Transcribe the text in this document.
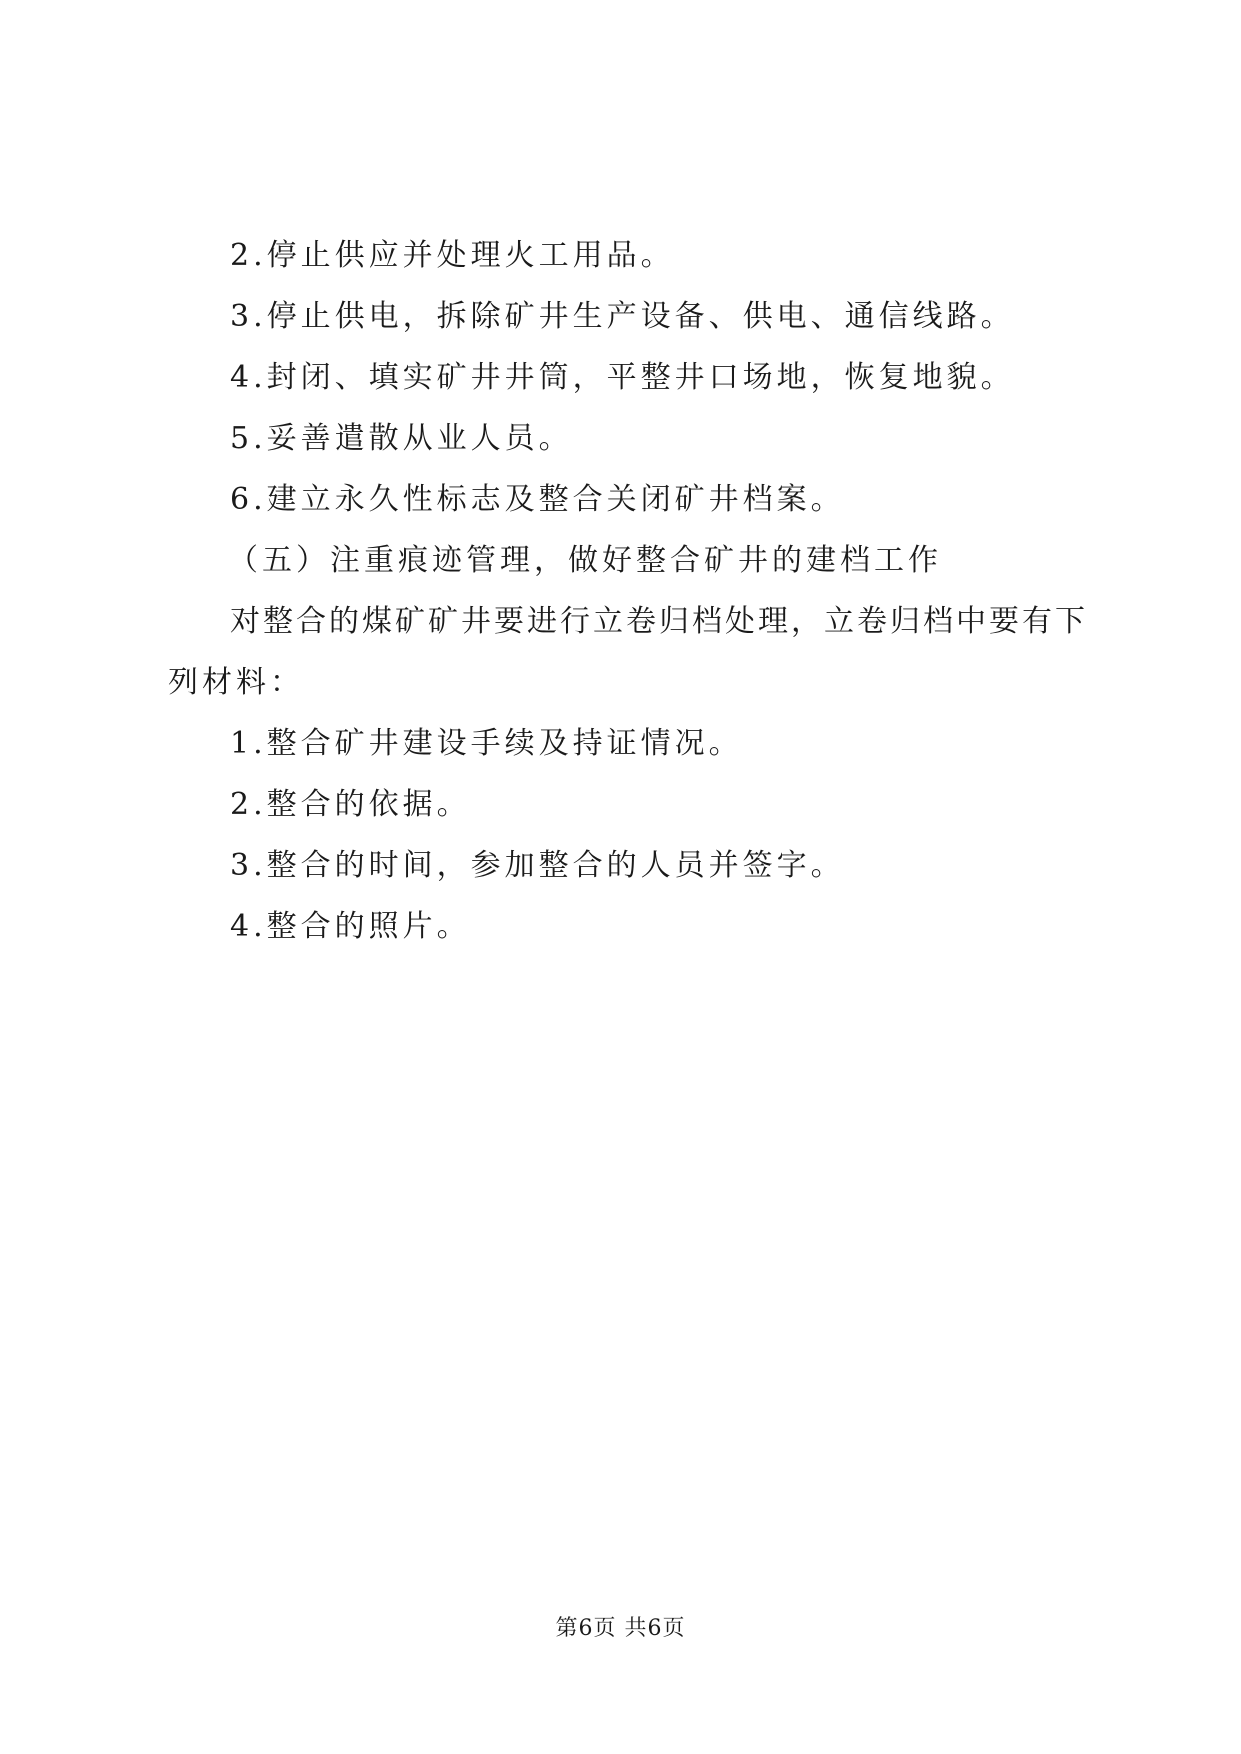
2.停止供应并处理火工用品。
3.停止供电，拆除矿井生产设备、供电、通信线路。
4.封闭、填实矿井井筒，平整井口场地，恢复地貌。
5.妥善遣散从业人员。
6.建立永久性标志及整合关闭矿井档案。
（五）注重痕迹管理，做好整合矿井的建档工作
对整合的煤矿矿井要进行立卷归档处理，立卷归档中要有下
列材料：
1.整合矿井建设手续及持证情况。
2.整合的依据。
3.整合的时间，参加整合的人员并签字。
4.整合的照片。
第6页 共6页
